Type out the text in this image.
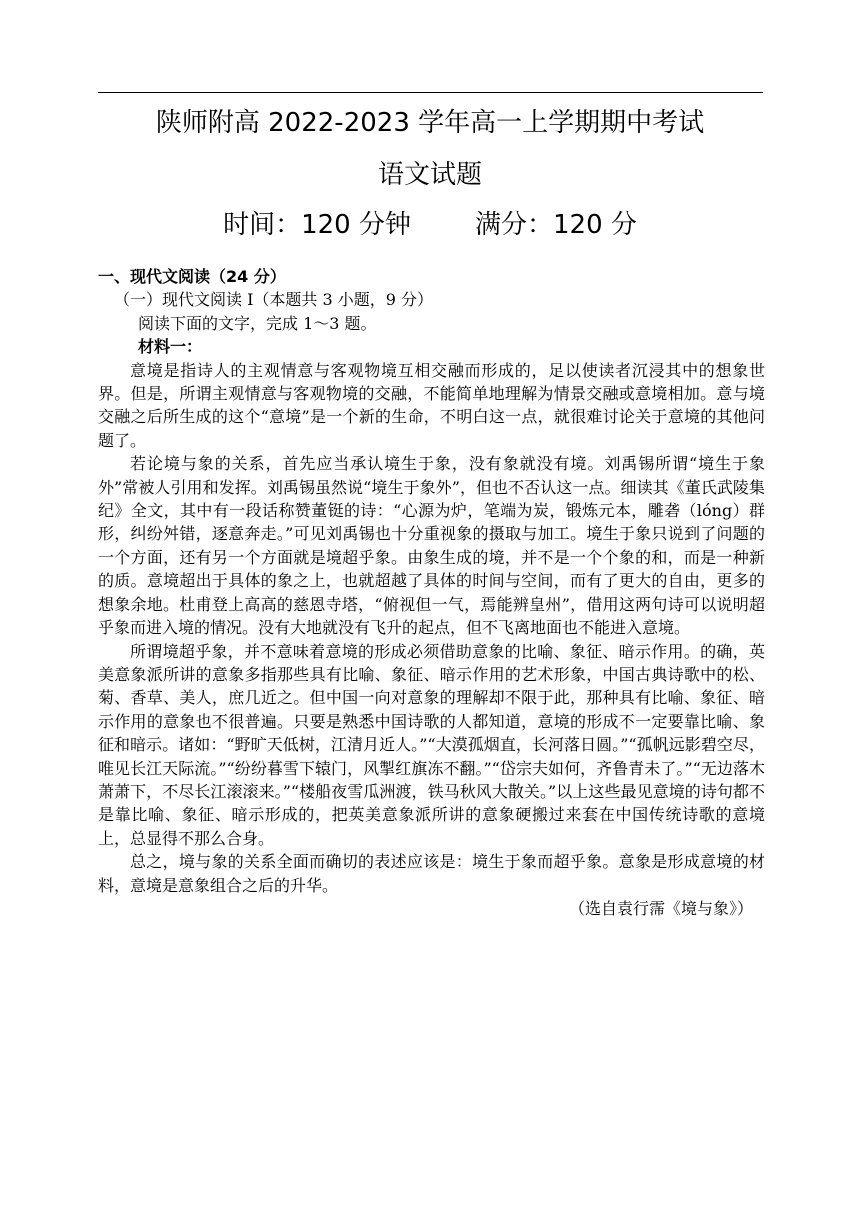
陕师附高 2022-2023 学年高一上学期期中考试
语文试题
时间：120 分钟 满分：120 分

一、现代文阅读（24 分）

（一）现代文阅读 I（本题共 3 小题，9 分）

阅读下面的文字，完成 1～3 题。

材料一：

意境是指诗人的主观情意与客观物境互相交融而形成的，足以使读者沉浸其中的想象世界。但是，所谓主观情意与客观物境的交融，不能简单地理解为情景交融或意境相加。意与境交融之后所生成的这个“意境”是一个新的生命，不明白这一点，就很难讨论关于意境的其他问题了。

若论境与象的关系，首先应当承认境生于象，没有象就没有境。刘禹锡所谓“境生于象外”常被人引用和发挥。刘禹锡虽然说“境生于象外”，但也不否认这一点。细读其《董氏武陵集纪》全文，其中有一段话称赞董铤的诗：“心源为炉，笔端为炭，锻炼元本，雕砻（lóng）群形，纠纷舛错，逐意奔走。”可见刘禹锡也十分重视象的摄取与加工。境生于象只说到了问题的一个方面，还有另一个方面就是境超乎象。由象生成的境，并不是一个个象的和，而是一种新的质。意境超出于具体的象之上，也就超越了具体的时间与空间，而有了更大的自由，更多的想象余地。杜甫登上高高的慈恩寺塔，“俯视但一气，焉能辨皇州”，借用这两句诗可以说明超乎象而进入境的情况。没有大地就没有飞升的起点，但不飞离地面也不能进入意境。

所谓境超乎象，并不意味着意境的形成必须借助意象的比喻、象征、暗示作用。的确，英美意象派所讲的意象多指那些具有比喻、象征、暗示作用的艺术形象，中国古典诗歌中的松、菊、香草、美人，庶几近之。但中国一向对意象的理解却不限于此，那种具有比喻、象征、暗示作用的意象也不很普遍。只要是熟悉中国诗歌的人都知道，意境的形成不一定要靠比喻、象征和暗示。诸如：“野旷天低树，江清月近人。”“大漠孤烟直，长河落日圆。”“孤帆远影碧空尽，唯见长江天际流。”“纷纷暮雪下辕门，风掣红旗冻不翻。”“岱宗夫如何，齐鲁青未了。”“无边落木萧萧下，不尽长江滚滚来。”“楼船夜雪瓜洲渡，铁马秋风大散关。”以上这些最见意境的诗句都不是靠比喻、象征、暗示形成的，把英美意象派所讲的意象硬搬过来套在中国传统诗歌的意境上，总显得不那么合身。

总之，境与象的关系全面而确切的表述应该是：境生于象而超乎象。意象是形成意境的材料，意境是意象组合之后的升华。

（选自袁行霈《境与象》）
